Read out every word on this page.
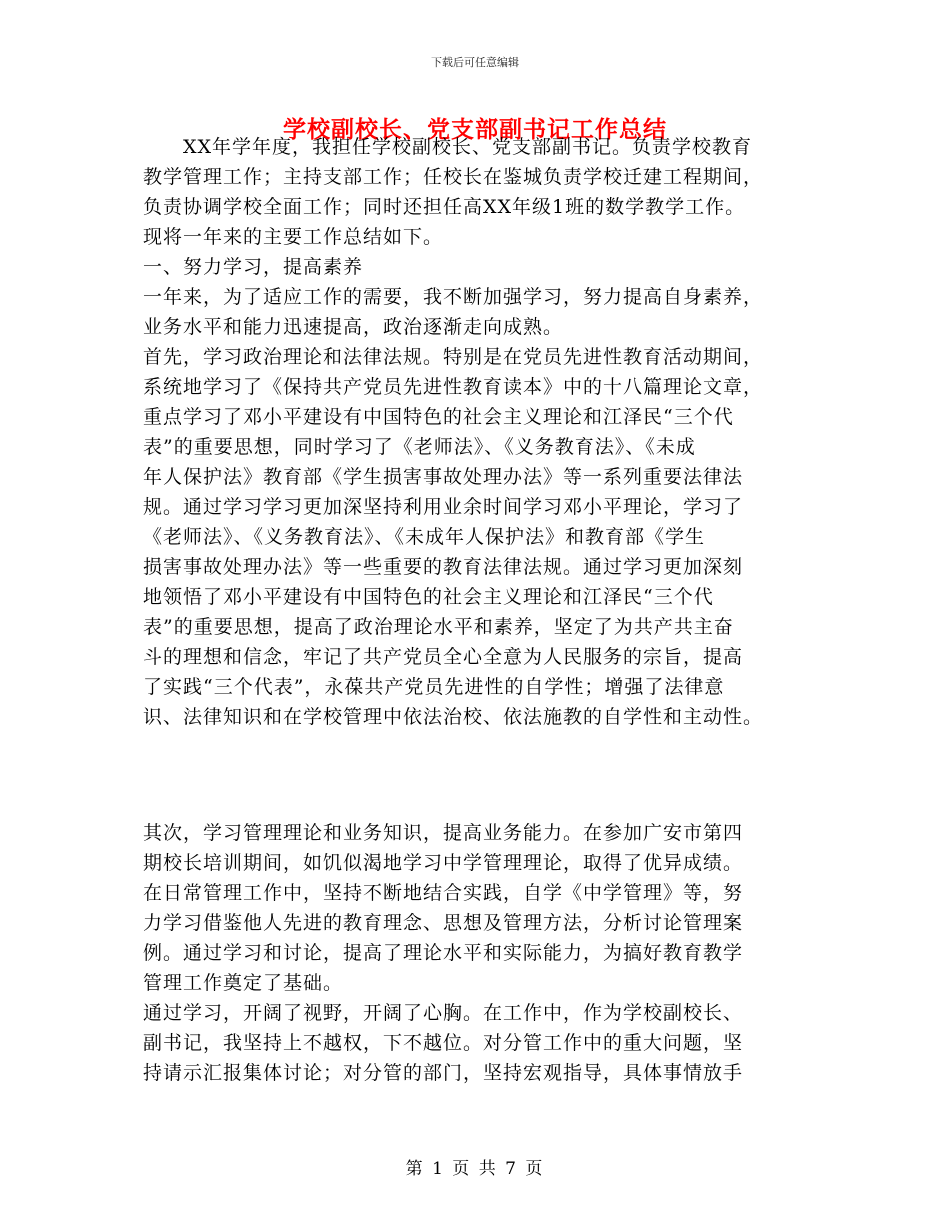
下载后可任意编辑
学校副校长、党支部副书记工作总结
　　XX年学年度，我担任学校副校长、党支部副书记。负责学校教育
教学管理工作；主持支部工作；任校长在鉴城负责学校迁建工程期间，
负责协调学校全面工作；同时还担任高XX年级1班的数学教学工作。
现将一年来的主要工作总结如下。
一、努力学习，提高素养
一年来，为了适应工作的需要，我不断加强学习，努力提高自身素养，
业务水平和能力迅速提高，政治逐渐走向成熟。
首先，学习政治理论和法律法规。特别是在党员先进性教育活动期间，
系统地学习了《保持共产党员先进性教育读本》中的十八篇理论文章，
重点学习了邓小平建设有中国特色的社会主义理论和江泽民“三个代
表”的重要思想，同时学习了《老师法》、《义务教育法》、《未成
年人保护法》教育部《学生损害事故处理办法》等一系列重要法律法
规。通过学习学习更加深坚持利用业余时间学习邓小平理论，学习了
《老师法》、《义务教育法》、《未成年人保护法》和教育部《学生
损害事故处理办法》等一些重要的教育法律法规。通过学习更加深刻
地领悟了邓小平建设有中国特色的社会主义理论和江泽民“三个代
表”的重要思想，提高了政治理论水平和素养，坚定了为共产共主奋
斗的理想和信念，牢记了共产党员全心全意为人民服务的宗旨，提高
了实践“三个代表”，永葆共产党员先进性的自学性；增强了法律意
识、法律知识和在学校管理中依法治校、依法施教的自学性和主动性。
其次，学习管理理论和业务知识，提高业务能力。在参加广安市第四
期校长培训期间，如饥似渴地学习中学管理理论，取得了优异成绩。
在日常管理工作中，坚持不断地结合实践，自学《中学管理》等，努
力学习借鉴他人先进的教育理念、思想及管理方法，分析讨论管理案
例。通过学习和讨论，提高了理论水平和实际能力，为搞好教育教学
管理工作奠定了基础。
通过学习，开阔了视野，开阔了心胸。在工作中，作为学校副校长、
副书记，我坚持上不越权，下不越位。对分管工作中的重大问题，坚
持请示汇报集体讨论；对分管的部门，坚持宏观指导，具体事情放手
第 1 页 共 7 页
